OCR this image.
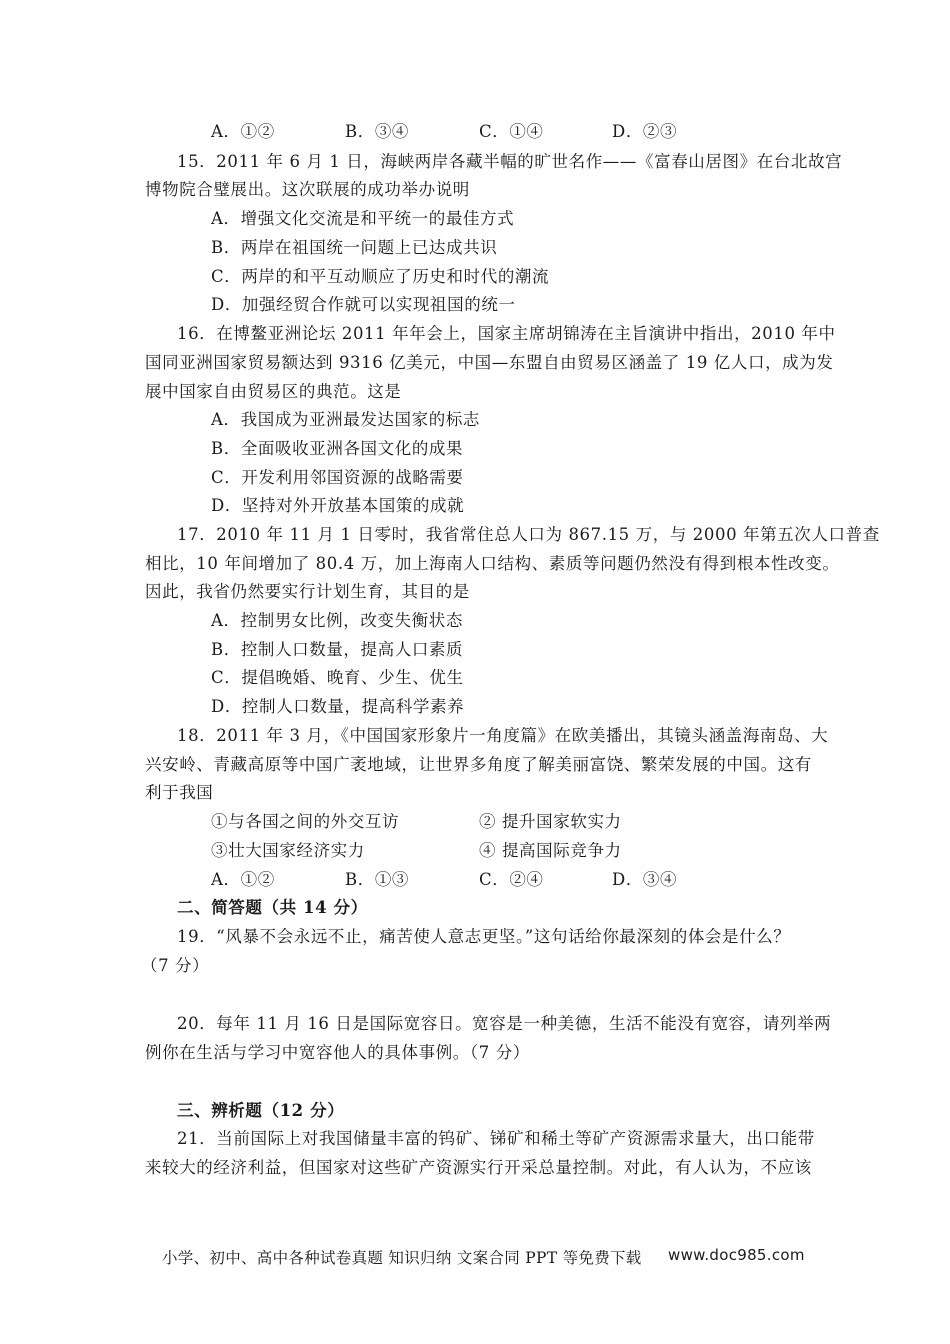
A．①②	B．③④	C．①④	D．②③
15．2011 年 6 月 1 日，海峡两岸各藏半幅的旷世名作——《富春山居图》在台北故宫
博物院合璧展出。这次联展的成功举办说明
A．增强文化交流是和平统一的最佳方式
B．两岸在祖国统一问题上已达成共识
C．两岸的和平互动顺应了历史和时代的潮流
D．加强经贸合作就可以实现祖国的统一
16．在博鳌亚洲论坛 2011 年年会上，国家主席胡锦涛在主旨演讲中指出，2010 年中
国同亚洲国家贸易额达到 9316 亿美元，中国—东盟自由贸易区涵盖了 19 亿人口，成为发
展中国家自由贸易区的典范。这是
A．我国成为亚洲最发达国家的标志
B．全面吸收亚洲各国文化的成果
C．开发利用邻国资源的战略需要
D．坚持对外开放基本国策的成就
17．2010 年 11 月 1 日零时，我省常住总人口为 867.15 万，与 2000 年第五次人口普查
相比，10 年间增加了 80.4 万，加上海南人口结构、素质等问题仍然没有得到根本性改变。
因此，我省仍然要实行计划生育，其目的是
A．控制男女比例，改变失衡状态
B．控制人口数量，提高人口素质
C．提倡晚婚、晚育、少生、优生
D．控制人口数量，提高科学素养
18．2011 年 3 月，《中国国家形象片一角度篇》在欧美播出，其镜头涵盖海南岛、大
兴安岭、青藏高原等中国广袤地域，让世界多角度了解美丽富饶、繁荣发展的中国。这有
利于我国
①与各国之间的外交互访	② 提升国家软实力
③壮大国家经济实力	④ 提高国际竞争力
A．①②	B．①③	C．②④	D．③④
二、简答题（共 14 分）
19．“风暴不会永远不止，痛苦使人意志更坚。”这句话给你最深刻的体会是什么？
（7 分）
20．每年 11 月 16 日是国际宽容日。宽容是一种美德，生活不能没有宽容，请列举两
例你在生活与学习中宽容他人的具体事例。（7 分）
三、辨析题（12 分）
21．当前国际上对我国储量丰富的钨矿、锑矿和稀土等矿产资源需求量大，出口能带
来较大的经济利益，但国家对这些矿产资源实行开采总量控制。对此，有人认为，不应该
小学、初中、高中各种试卷真题 知识归纳 文案合同 PPT 等免费下载 www.doc985.com
